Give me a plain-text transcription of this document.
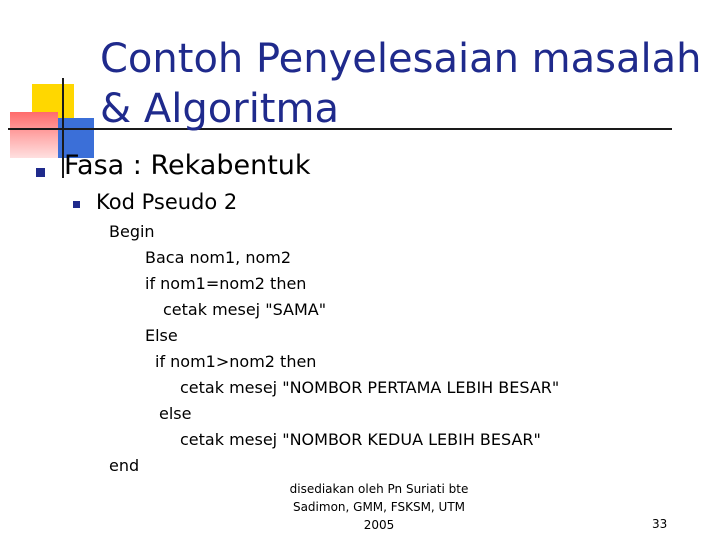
Contoh Penyelesaian masalah
& Algoritma
Fasa : Rekabentuk
Kod Pseudo 2
Begin
Baca nom1, nom2
if nom1=nom2 then
cetak mesej "SAMA"
Else
if nom1>nom2 then
cetak mesej "NOMBOR PERTAMA LEBIH BESAR"
else
cetak mesej "NOMBOR KEDUA LEBIH BESAR"
end
disediakan oleh Pn Suriati bte
Sadimon, GMM, FSKSM, UTM
2005	33
